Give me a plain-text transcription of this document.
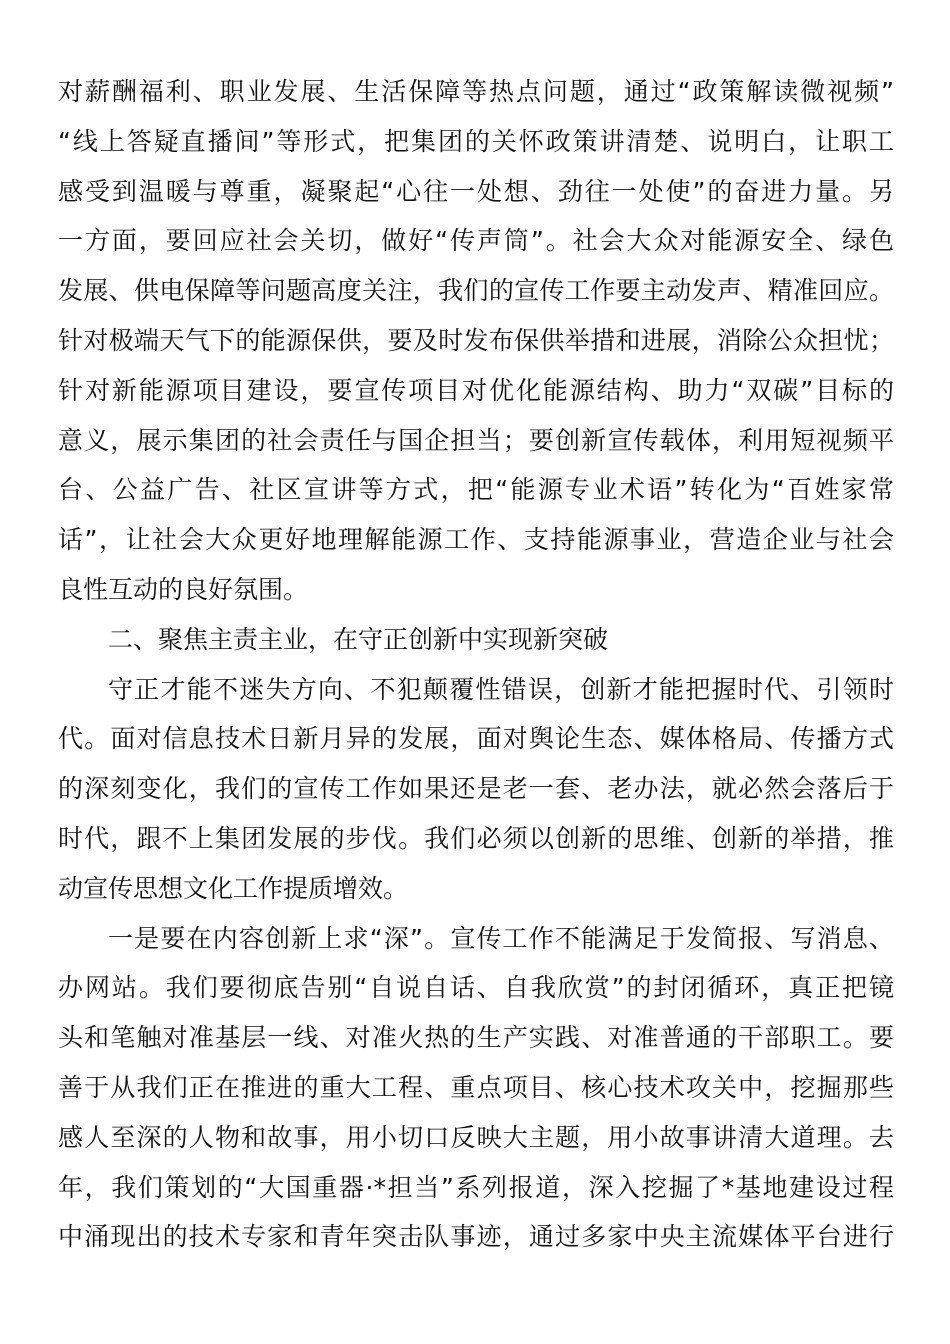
对薪酬福利、职业发展、生活保障等热点问题，通过“政策解读微视频”
“线上答疑直播间”等形式，把集团的关怀政策讲清楚、说明白，让职工
感受到温暖与尊重，凝聚起“心往一处想、劲往一处使”的奋进力量。另
一方面，要回应社会关切，做好“传声筒”。社会大众对能源安全、绿色
发展、供电保障等问题高度关注，我们的宣传工作要主动发声、精准回应。
针对极端天气下的能源保供，要及时发布保供举措和进展，消除公众担忧；
针对新能源项目建设，要宣传项目对优化能源结构、助力“双碳”目标的
意义，展示集团的社会责任与国企担当；要创新宣传载体，利用短视频平
台、公益广告、社区宣讲等方式，把“能源专业术语”转化为“百姓家常
话”，让社会大众更好地理解能源工作、支持能源事业，营造企业与社会
良性互动的良好氛围。
二、聚焦主责主业，在守正创新中实现新突破
守正才能不迷失方向、不犯颠覆性错误，创新才能把握时代、引领时
代。面对信息技术日新月异的发展，面对舆论生态、媒体格局、传播方式
的深刻变化，我们的宣传工作如果还是老一套、老办法，就必然会落后于
时代，跟不上集团发展的步伐。我们必须以创新的思维、创新的举措，推
动宣传思想文化工作提质增效。
一是要在内容创新上求“深”。宣传工作不能满足于发简报、写消息、
办网站。我们要彻底告别“自说自话、自我欣赏”的封闭循环，真正把镜
头和笔触对准基层一线、对准火热的生产实践、对准普通的干部职工。要
善于从我们正在推进的重大工程、重点项目、核心技术攻关中，挖掘那些
感人至深的人物和故事，用小切口反映大主题，用小故事讲清大道理。去
年，我们策划的“大国重器·*担当”系列报道，深入挖掘了*基地建设过程
中涌现出的技术专家和青年突击队事迹，通过多家中央主流媒体平台进行
